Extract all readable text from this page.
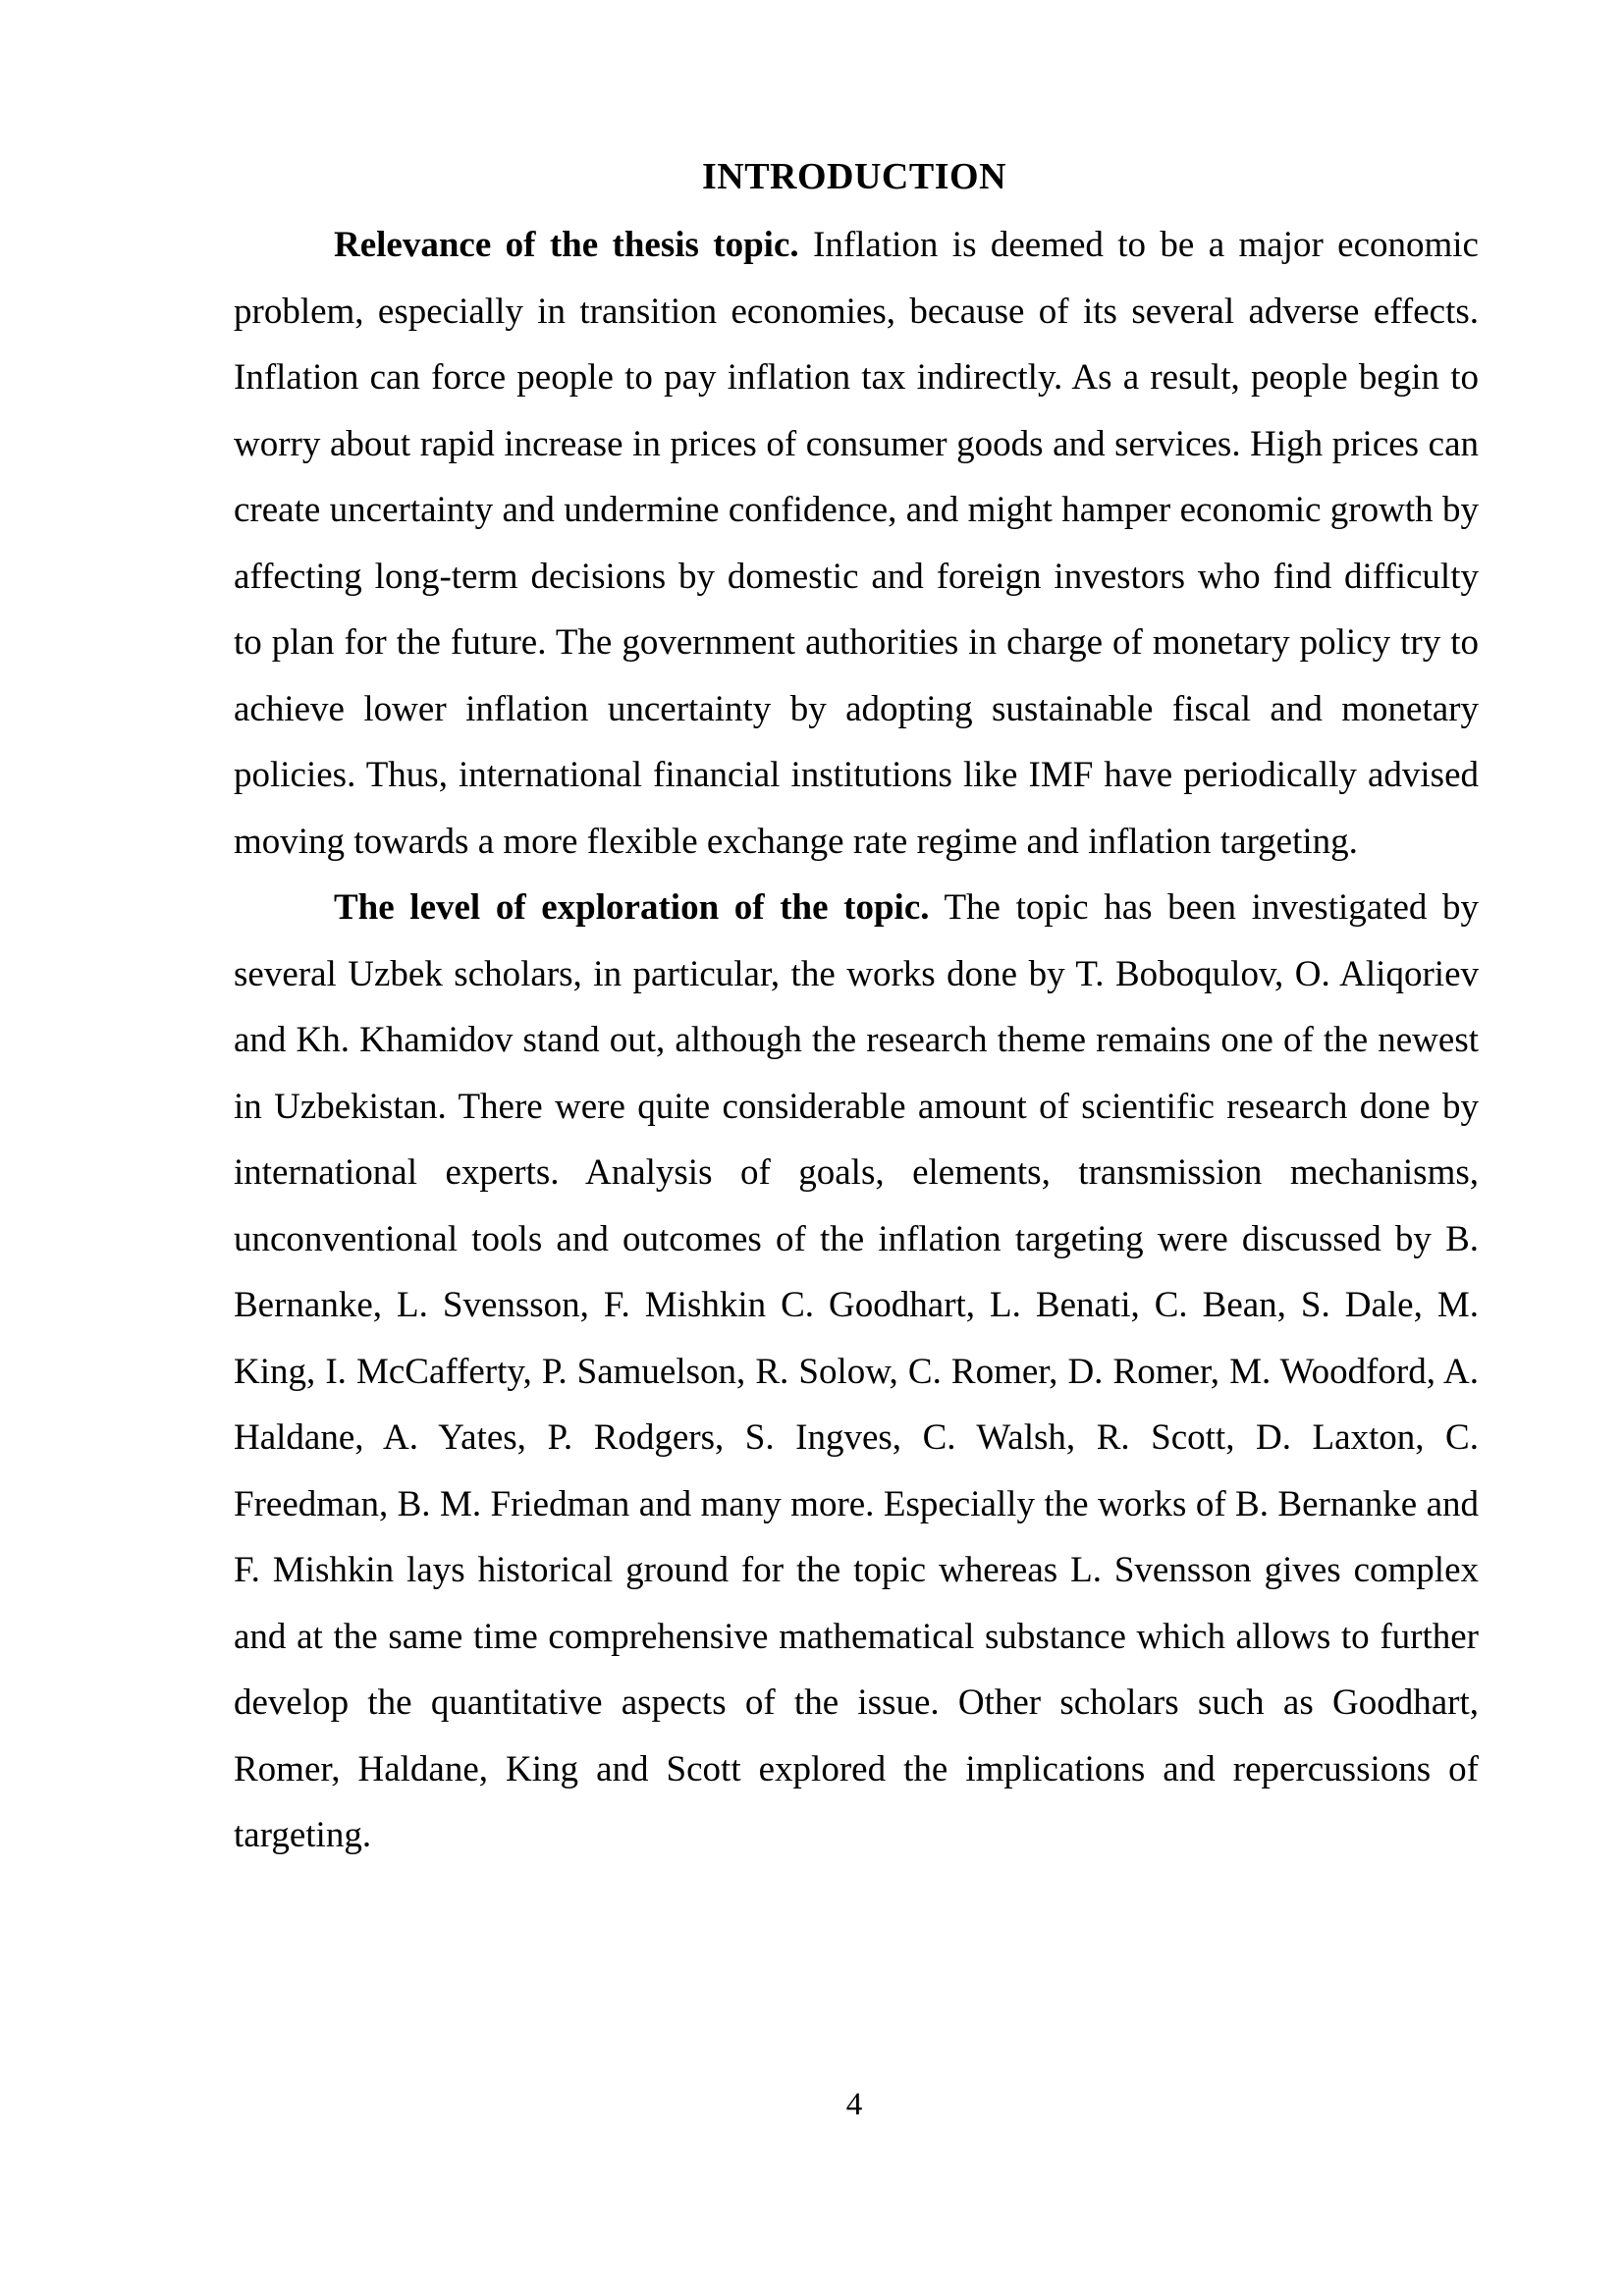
INTRODUCTION

Relevance of the thesis topic. Inflation is deemed to be a major economic problem, especially in transition economies, because of its several adverse effects. Inflation can force people to pay inflation tax indirectly. As a result, people begin to worry about rapid increase in prices of consumer goods and services. High prices can create uncertainty and undermine confidence, and might hamper economic growth by affecting long-term decisions by domestic and foreign investors who find difficulty to plan for the future. The government authorities in charge of monetary policy try to achieve lower inflation uncertainty by adopting sustainable fiscal and monetary policies. Thus, international financial institutions like IMF have periodically advised moving towards a more flexible exchange rate regime and inflation targeting.

The level of exploration of the topic. The topic has been investigated by several Uzbek scholars, in particular, the works done by T. Boboqulov, O. Aliqoriev and Kh. Khamidov stand out, although the research theme remains one of the newest in Uzbekistan. There were quite considerable amount of scientific research done by international experts. Analysis of goals, elements, transmission mechanisms, unconventional tools and outcomes of the inflation targeting were discussed by B. Bernanke, L. Svensson, F. Mishkin C. Goodhart, L. Benati, C. Bean, S. Dale, M. King, I. McCafferty, P. Samuelson, R. Solow, C. Romer, D. Romer, M. Woodford, A. Haldane, A. Yates, P. Rodgers, S. Ingves, C. Walsh, R. Scott, D. Laxton, C. Freedman, B. M. Friedman and many more. Especially the works of B. Bernanke and F. Mishkin lays historical ground for the topic whereas L. Svensson gives complex and at the same time comprehensive mathematical substance which allows to further develop the quantitative aspects of the issue. Other scholars such as Goodhart, Romer, Haldane, King and Scott explored the implications and repercussions of targeting.

4
